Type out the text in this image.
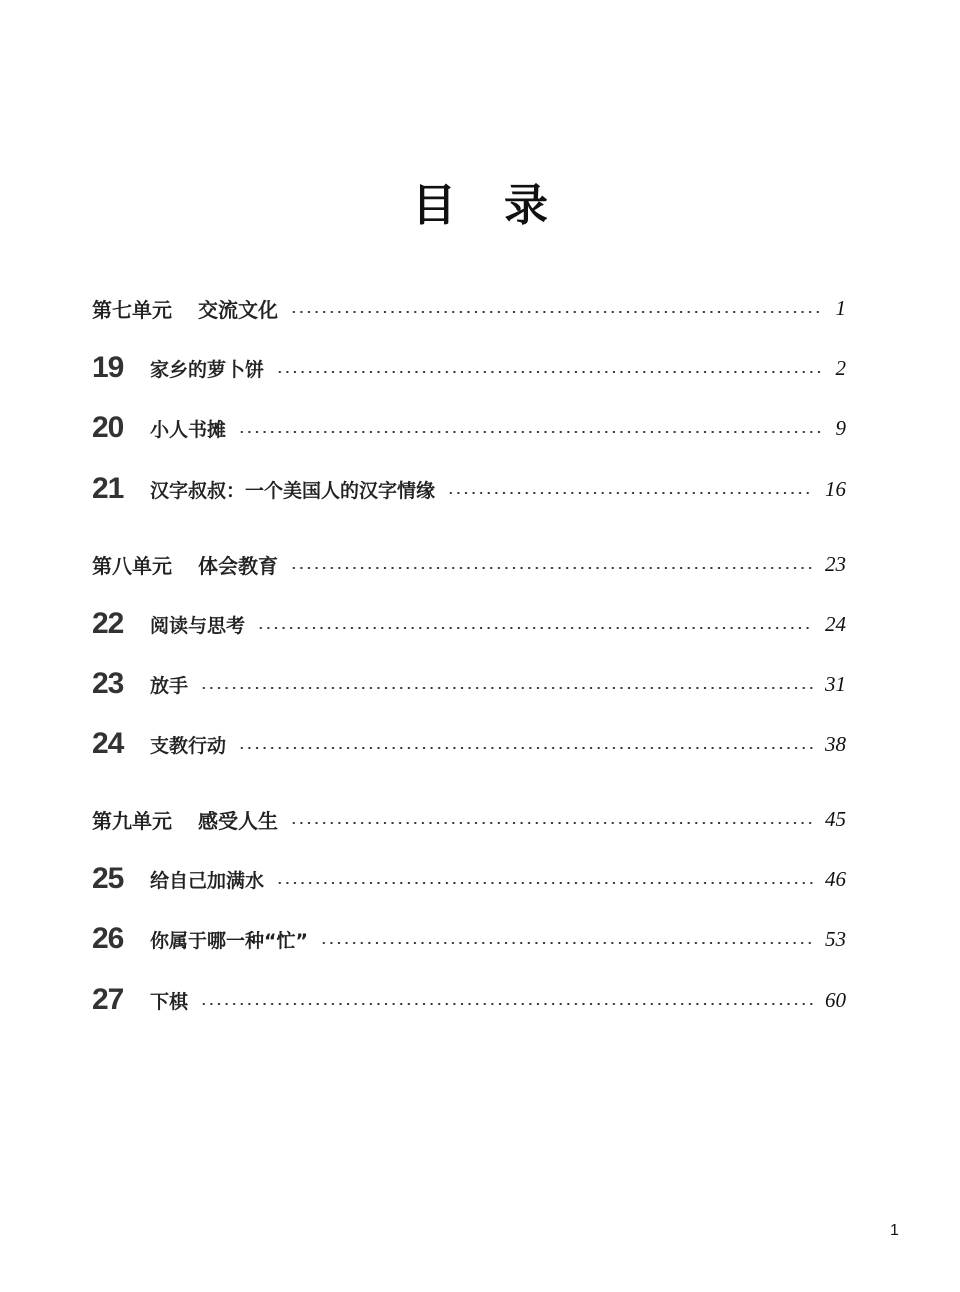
目录
第七单元 交流文化	1
19	家乡的萝卜饼	2
20	小人书摊	9
21	汉字叔叔：一个美国人的汉字情缘	16
第八单元 体会教育	23
22	阅读与思考	24
23	放手	31
24	支教行动	38
第九单元 感受人生	45
25	给自己加满水	46
26	你属于哪一种“忙”	53
27	下棋	60
1
